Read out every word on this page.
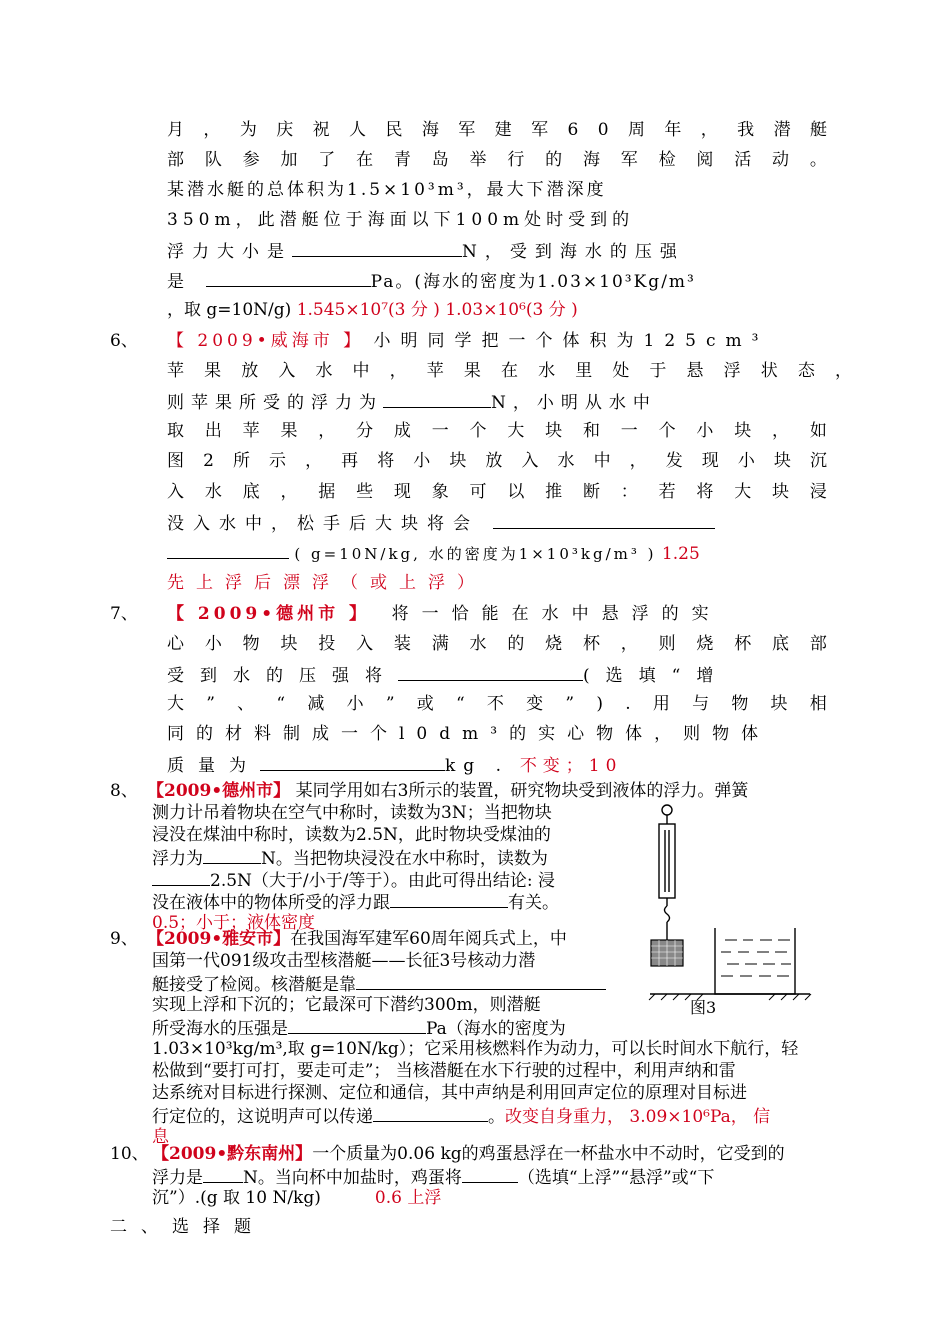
月 ， 为 庆 祝 人 民 海 军 建 军 6 0 周 年 ， 我 潜 艇
部 队 参 加 了 在 青 岛 举 行 的 海 军 检 阅 活 动 。
某潜水艇的总体积为1.5×10³m³，最大下潜深度
350m，此潜艇位于海面以下100m处时受到的
浮力大小是	N，受到海水的压强
是	Pa。(海水的密度为1.03×10³Kg/m³
，取 g=10N/g) 1.545×10⁷(3 分 ) 1.03×10⁶(3 分 )
6、 【 2009•威海市 】 小明同学把一个体积为125cm³
苹 果 放 入 水 中 ， 苹 果 在 水 里 处 于 悬 浮 状 态 ，
则苹果所受的浮力为	N，小明从水中
取 出 苹 果 ， 分 成 一 个 大 块 和 一 个 小 块 ， 如
图 2 所 示 ， 再 将 小 块 放 入 水 中 ， 发 现 小 块 沉
入 水 底 ， 据 些 现 象 可 以 推 断 ： 若 将 大 块 浸
没入水中，松手后大块将会
( g=10N/kg, 水的密度为1×10³kg/m³ ) 1.25
先上浮后漂浮（或上浮）
7、 【 2009•德州市 】 将一恰能在水中悬浮的实
心 小 物 块 投 入 装 满 水 的 烧 杯 ， 则 烧 杯 底 部
受到水的压强将	(选填“增
大 ” 、 “ 减 小 ” 或 “ 不 变 ” ) . 用 与 物 块 相
同的材料制成一个l0dm³的实心物体，则物体
质量为	kg . 不变；10
8、 【2009•德州市】 某同学用如右3所示的装置，研究物块受到液体的浮力。弹簧
测力计吊着物块在空气中称时，读数为3N；当把物块
浸没在煤油中称时，读数为2.5N，此时物块受煤油的
浮力为	N。当把物块浸没在水中称时，读数为
2.5N（大于/小于/等于）。由此可得出结论: 浸
没在液体中的物体所受的浮力跟	有关。
0.5；小于；液体密度
图3
9、 【2009•雅安市】在我国海军建军60周年阅兵式上，中
国第一代091级攻击型核潜艇——长征3号核动力潜
艇接受了检阅。核潜艇是靠
实现上浮和下沉的；它最深可下潜约300m，则潜艇
所受海水的压强是	Pa（海水的密度为
1.03×10³kg/m³,取 g=10N/kg）；它采用核燃料作为动力，可以长时间水下航行，轻
松做到“要打可打，要走可走”； 当核潜艇在水下行驶的过程中，利用声纳和雷
达系统对目标进行探测、定位和通信，其中声纳是利用回声定位的原理对目标进
行定位的，这说明声可以传递	。改变自身重力， 3.09×10⁶Pa， 信
息
10、 【2009•黔东南州】一个质量为0.06 kg的鸡蛋悬浮在一杯盐水中不动时，它受到的
浮力是 N。当向杯中加盐时，鸡蛋将	（选填“上浮”“悬浮”或“下
沉”）.(g 取 10 N/kg)	0.6 上浮
二、选择题
